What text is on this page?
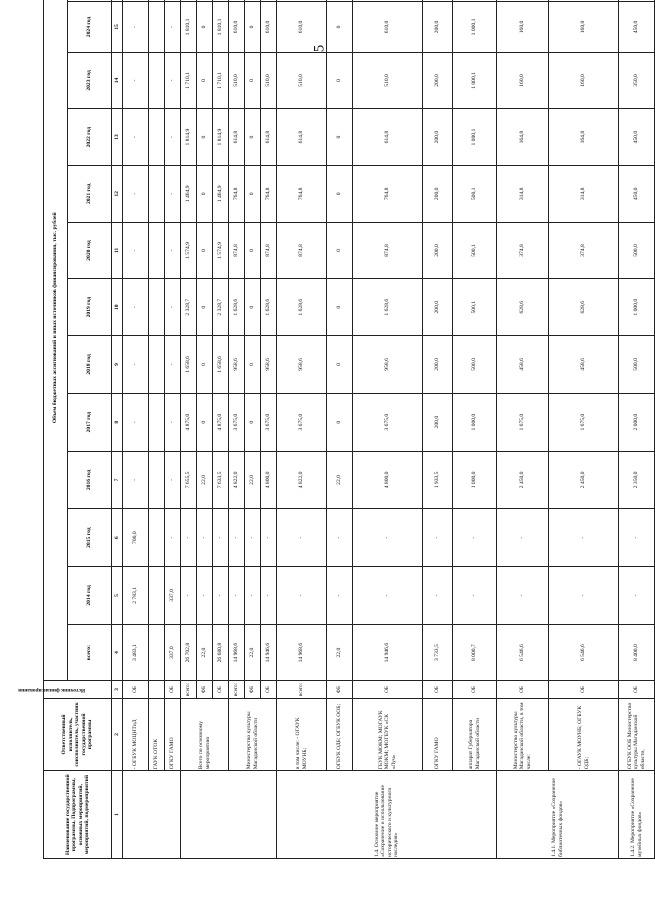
5
Наименование государственной программы, Подпрограммы, основных мероприятий, мероприятий, подмероприятий	Ответственный исполнитель, соисполнитель, участник государственной программы	Источник финансирования	Объем бюджетных ассигнований и иных источников финансирования, тыс. рублей												
			всего:	2014 год	2015 год	2016 год	2017 год	2018 год	2019 год	2020 год	2021 год	2022 год	2023 год	2024 год	
1	2	3	4	5	6	7	8	9	10	11	12	13	14	15	
	- ОГБУК МОЦНТиД	ОБ	3 483,1	2 783,1	700,0	-	-	-	-	-	-	-	-	-	
	ГАУК ОТОК														
	ОГКУ ГАМО	ОБ	337,0	337,0	-	-	-	-	-	-	-	-	-	-	
	Всего по основному мероприятию	всего:	26 702,8	-	-	7 655,5	4 875,0	1 658,6	2 328,7	1 574,9	1 464,9	1 814,9	1 710,1	1 810,1	
		ФБ	22,0	-	-	22,0	0	0	0	0	0	0	0	0	
		ОБ	26 680,8	-	-	7 633,5	4 875,0	1 658,6	2 328,7	1 574,9	1 464,9	1 814,9	1 710,1	1 810,1	
	Министерство культуры Магаданской области	всего:	14 968,6	-	-	4 822,0	3 675,0	958,6	1 628,6	874,8	764,8	614,8	510,0	610,0	
		ФБ	22,0	-	-	22,0	0	0	0	0	0	0	0	0	
		ОБ	14 946,6	-	-	4 800,0	3 675,0	958,6	1 628,6	874,8	764,8	614,8	510,0	610,0	
1.4. Основное мероприятие «Сохранение и использование исторического и культурного наследия»	в том числе: - ОГАУК МОУНБ;	всего:	14 968,6	-	-	4 822,0	3 675,0	958,6	1 628,6	874,8	764,8	614,8	510,0	610,0	
	ОГБУК ОДБ; ОГБУК ООБ;	ФБ	22,0	-	-	22,0	0	0	0	0	0	0	0	0	
	ГБУК МОКМ; МОГАУК МОКМ; МОГБУК «СК «Луч»	ОБ	14 946,6	-	-	4 800,0	3 675,0	958,6	1 628,6	874,8	764,8	614,8	510,0	610,0	
	ОГКУ ГАМО	ОБ	3 733,5	-	-	1 933,5	200,0	200,0	200,0	200,0	200,0	200,0	200,0	200,0	
	аппарат Губернатора Магаданской области	ОБ	8 000,7	-	-	1 000,0	1 000,0	500,0	500,1	500,1	500,1	1 000,1	1 000,1	1 000,1	
1.4.1. Мероприятие «Сохранение библиотечных фондов»	Министерство культуры Магаданской области, в том числе:	ОБ	6 546,6	-	-	2 450,0	1 675,0	458,6	628,6	374,8	314,8	164,8	160,0	160,0	
	- ОГАУК МОУНБ; ОГБУК ОДБ;	ОБ	6 546,6	-	-	2 450,0	1 675,0	458,6	628,6	374,8	314,8	164,8	160,0	160,0	
1.4.2. Мероприятие «Сохранение музейных фондов»	ОГБУК ООБ Министерство культуры Магаданской области,	ОБ	8 400,0	-	-	2 350,0	2 000,0	500,0	1 000,0	500,0	450,0	450,0	350,0	450,0	
